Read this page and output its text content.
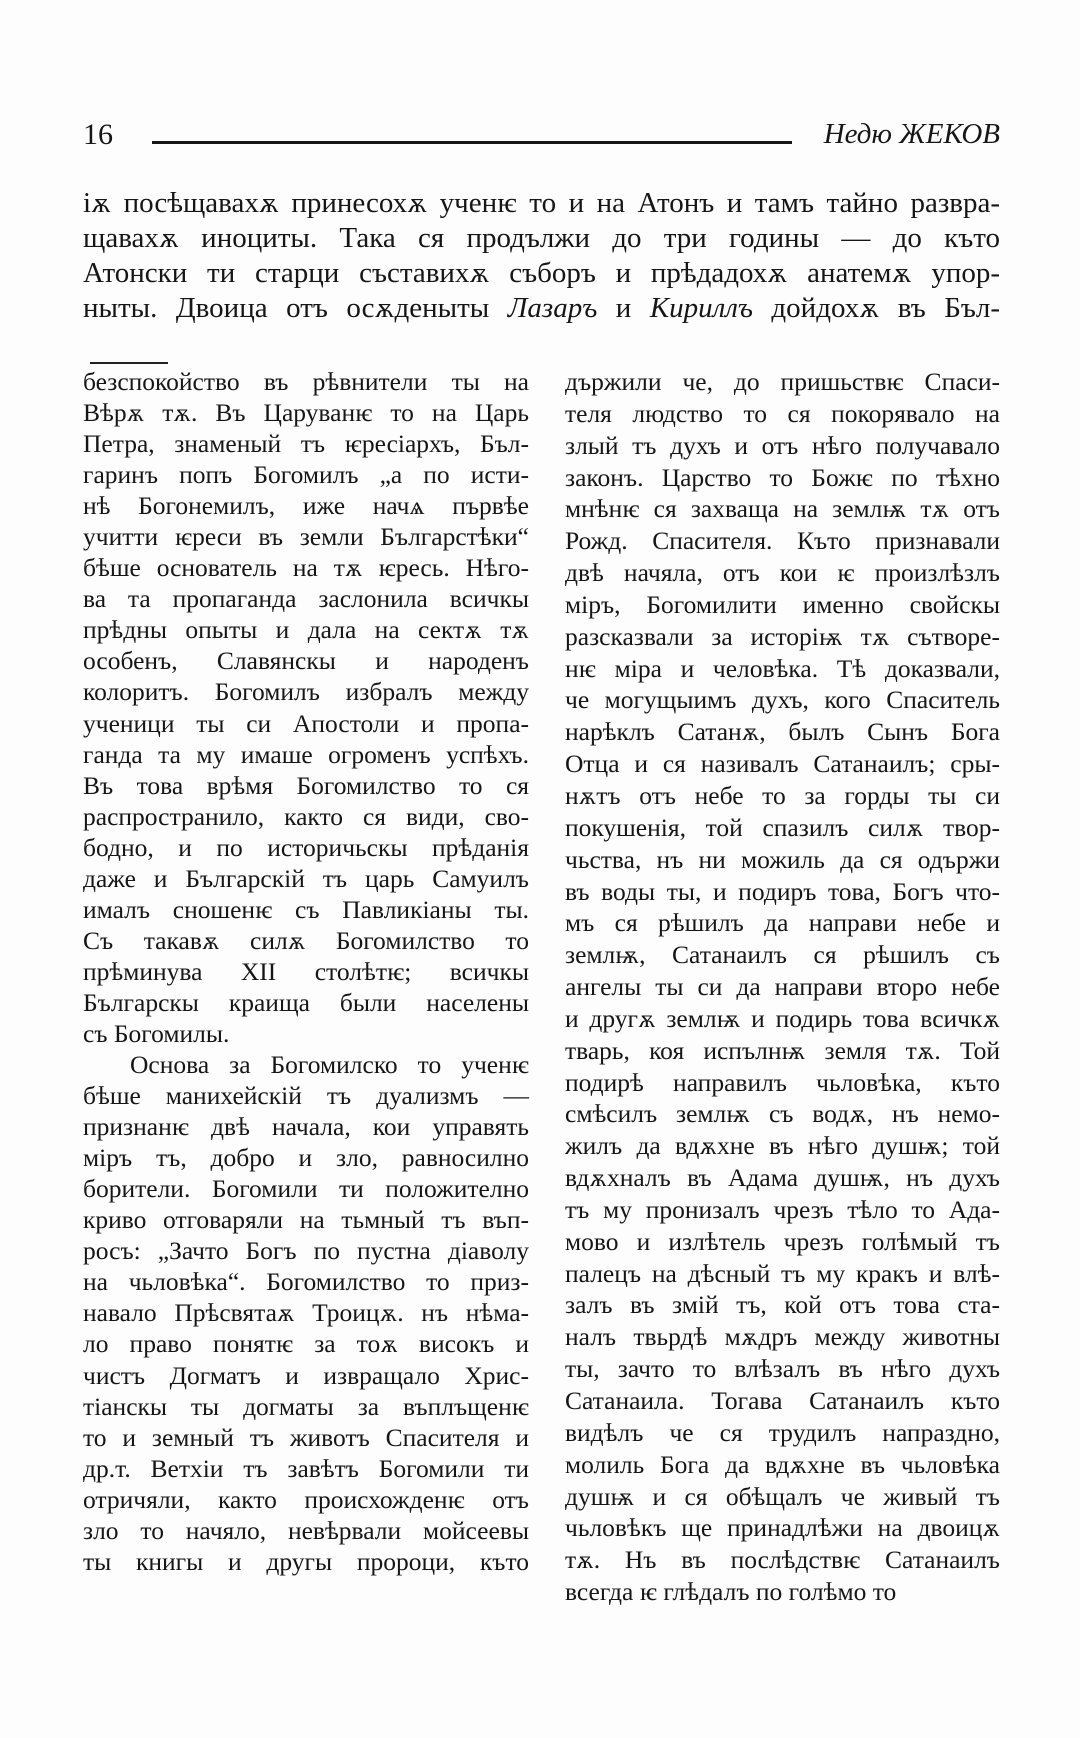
16	Недю ЖЕКОВ
іѫ посѣщавахѫ принесохѫ ученѥ то и на Атонъ и тамъ тайно развра-
щавахѫ иноциты. Така ся продължи до три годины — до къто
Атонски ти старци съставихѫ съборъ и прѣдадохѫ анатемѫ упор-
ныты. Двоица отъ осѫденыты Лазаръ и Кириллъ дойдохѫ въ Бъл-
безспокойство въ рѣвнители ты на
Вѣрѫ тѫ. Въ Царуванѥ то на Царь
Петра, знаменый тъ ѥресіархъ, Бъл-
гаринъ попъ Богомилъ „а по исти-
нѣ Богонемилъ, иже начѧ първѣе
учитти ѥреси въ земли Българстѣки“
бѣше основатель на тѫ ѥресь. Нѣго-
ва та пропаганда заслонила всичкы
прѣдны опыты и дала на сектѫ тѫ
особенъ, Славянскы и народенъ
колоритъ. Богомилъ избралъ между
ученици ты си Апостоли и пропа-
ганда та му имаше огроменъ успѣхъ.
Въ това врѣмя Богомилство то ся
распространило, както ся види, сво-
бодно, и по историчьскы прѣданія
даже и Българскій тъ царь Самуилъ
ималъ сношенѥ съ Павликіаны ты.
Съ такавѫ силѫ Богомилство то
прѣминува XII столѣтѥ; всичкы
Българскы краища были населены
съ Богомилы.
Основа за Богомилско то ученѥ
бѣше манихейскій тъ дуализмъ —
признанѥ двѣ начала, кои управять
міръ тъ, добро и зло, равносилно
борители. Богомили ти положително
криво отговаряли на тьмный тъ въп-
росъ: „Зачто Богъ по пустна діаволу
на чьловѣка“. Богомилство то приз-
навало Прѣсвятаѫ Троицѫ. нъ нѣма-
ло право понятѥ за тоѫ високъ и
чистъ Догматъ и извращало Хрис-
тіанскы ты догматы за въплъщенѥ
то и земный тъ животъ Спасителя и
др.т. Ветхіи тъ завѣтъ Богомили ти
отричяли, както происхожденѥ отъ
зло то начяло, невѣрвали мойсеевы
ты книгы и другы пророци, къто
държили че, до пришьствѥ Спаси-
теля людство то ся покорявало на
злый тъ духъ и отъ нѣго получавало
законъ. Царство то Божѥ по тѣхно
мнѣнѥ ся захваща на землѭ тѫ отъ
Рожд. Спасителя. Къто признавали
двѣ начяла, отъ кои ѥ произлѣзлъ
міръ, Богомилити именно свойскы
разсказвали за исторіѭ тѫ сътворе-
нѥ міра и человѣка. Тѣ доказвали,
че могущыимъ духъ, кого Спаситель
нарѣклъ Сатанѫ, былъ Сынъ Бога
Отца и ся називалъ Сатанаилъ; сры-
нѫтъ отъ небе то за горды ты си
покушенія, той спазилъ силѫ твор-
чьства, нъ ни можиль да ся одържи
въ воды ты, и подиръ това, Богъ что-
мъ ся рѣшилъ да направи небе и
землѭ, Сатанаилъ ся рѣшилъ съ
ангелы ты си да направи второ небе
и другѫ землѭ и подирь това всичкѫ
тварь, коя испълнѭ земля тѫ. Той
подирѣ направилъ чьловѣка, къто
смѣсилъ землѭ съ водѫ, нъ немо-
жилъ да вдѫхне въ нѣго душѭ; той
вдѫхналъ въ Адама душѭ, нъ духъ
тъ му пронизалъ чрезъ тѣло то Ада-
мово и излѣтель чрезъ голѣмый тъ
палецъ на дѣсный тъ му кракъ и влѣ-
залъ въ змій тъ, кой отъ това ста-
налъ твьрдѣ мѫдръ между животны
ты, зачто то влѣзалъ въ нѣго духъ
Сатанаила. Тогава Сатанаилъ къто
видѣлъ че ся трудилъ напраздно,
молиль Бога да вдѫхне въ чьловѣка
душѭ и ся обѣщалъ че живый тъ
чьловѣкъ ще принадлѣжи на двоицѫ
тѫ. Нъ въ послѣдствѥ Сатанаилъ
всегда ѥ глѣдалъ по голѣмо то
